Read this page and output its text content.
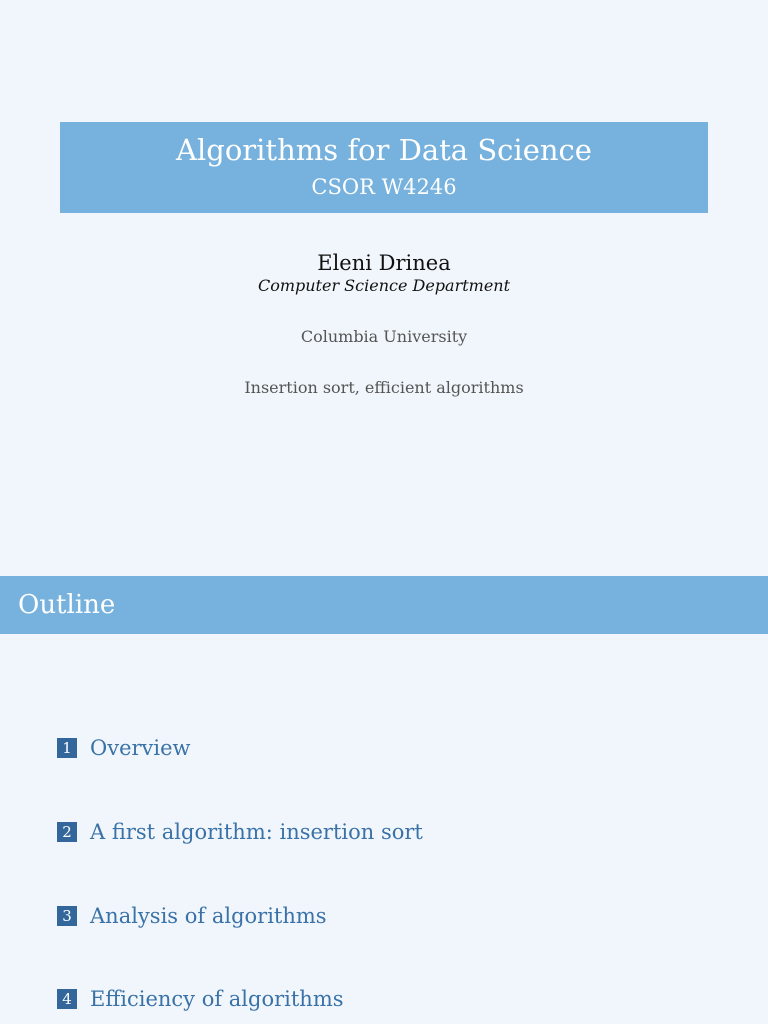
Algorithms for Data Science
CSOR W4246
Eleni Drinea
Computer Science Department
Columbia University
Insertion sort, efficient algorithms
Outline
1 Overview
2 A first algorithm: insertion sort
3 Analysis of algorithms
4 Efficiency of algorithms
